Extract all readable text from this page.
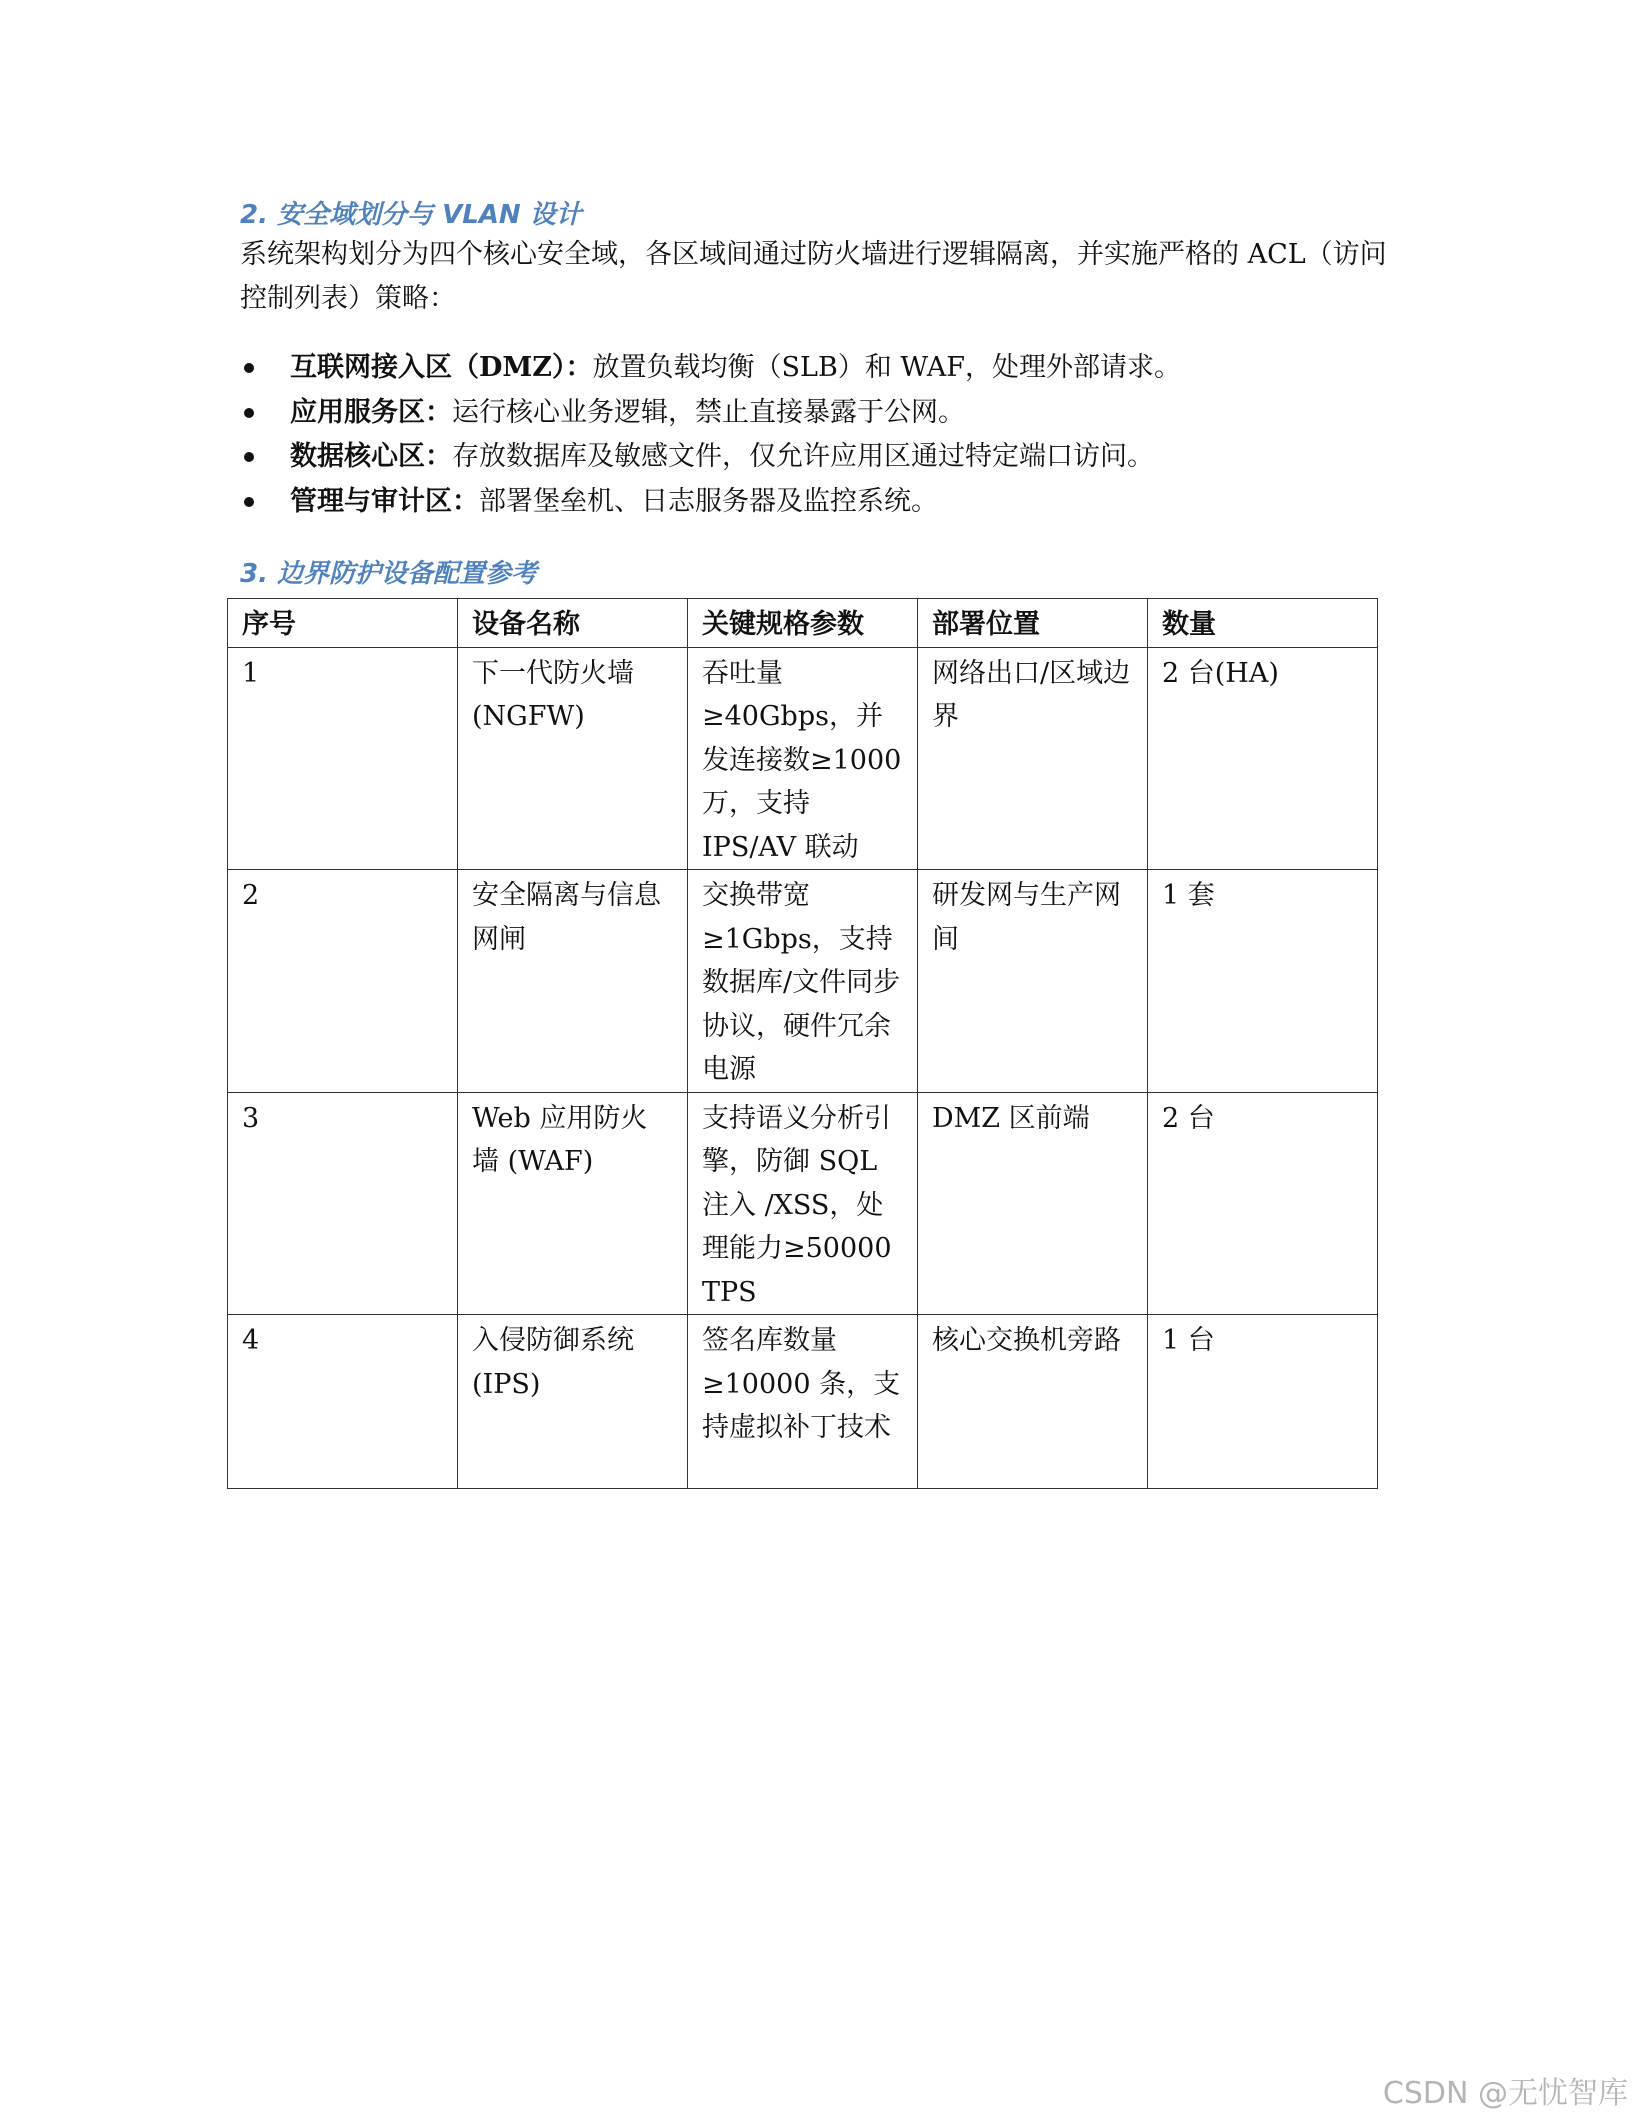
2. 安全域划分与 VLAN 设计
系统架构划分为四个核心安全域，各区域间通过防火墙进行逻辑隔离，并实施严格的 ACL（访问控制列表）策略：
互联网接入区（DMZ）：放置负载均衡（SLB）和 WAF，处理外部请求。
应用服务区：运行核心业务逻辑，禁止直接暴露于公网。
数据核心区：存放数据库及敏感文件，仅允许应用区通过特定端口访问。
管理与审计区：部署堡垒机、日志服务器及监控系统。
3. 边界防护设备配置参考
序号	设备名称	关键规格参数	部署位置	数量
1	下一代防火墙 (NGFW)	吞吐量 ≥40Gbps，并发连接数≥1000 万，支持 IPS/AV 联动	网络出口/区域边界	2 台(HA)
2	安全隔离与信息网闸	交换带宽 ≥1Gbps，支持数据库/文件同步协议，硬件冗余电源	研发网与生产网间	1 套
3	Web 应用防火墙 (WAF)	支持语义分析引擎，防御 SQL 注入 /XSS，处理能力≥50000 TPS	DMZ 区前端	2 台
4	入侵防御系统 (IPS)	签名库数量 ≥10000 条，支持虚拟补丁技术	核心交换机旁路	1 台
CSDN @无忧智库
